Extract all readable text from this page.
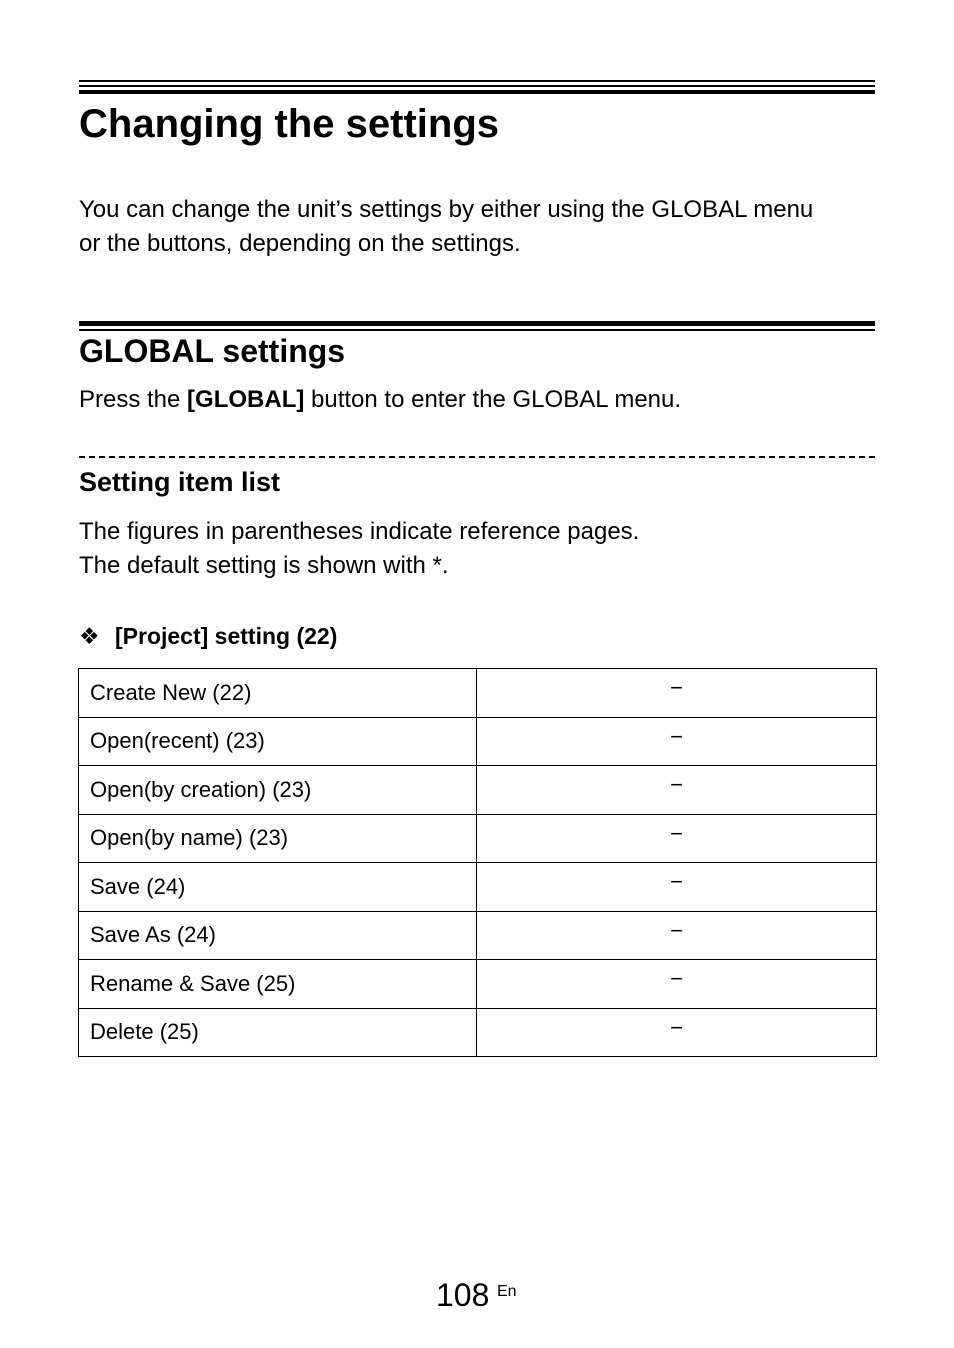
Changing the settings

You can change the unit’s settings by either using the GLOBAL menu
or the buttons, depending on the settings.

GLOBAL settings

Press the [GLOBAL] button to enter the GLOBAL menu.

Setting item list

The figures in parentheses indicate reference pages.
The default setting is shown with *.

❖ [Project] setting (22)
Create New (22)	−
Open(recent) (23)	−
Open(by creation) (23)	−
Open(by name) (23)	−
Save (24)	−
Save As (24)	−
Rename & Save (25)	−
Delete (25)	−
108 En
